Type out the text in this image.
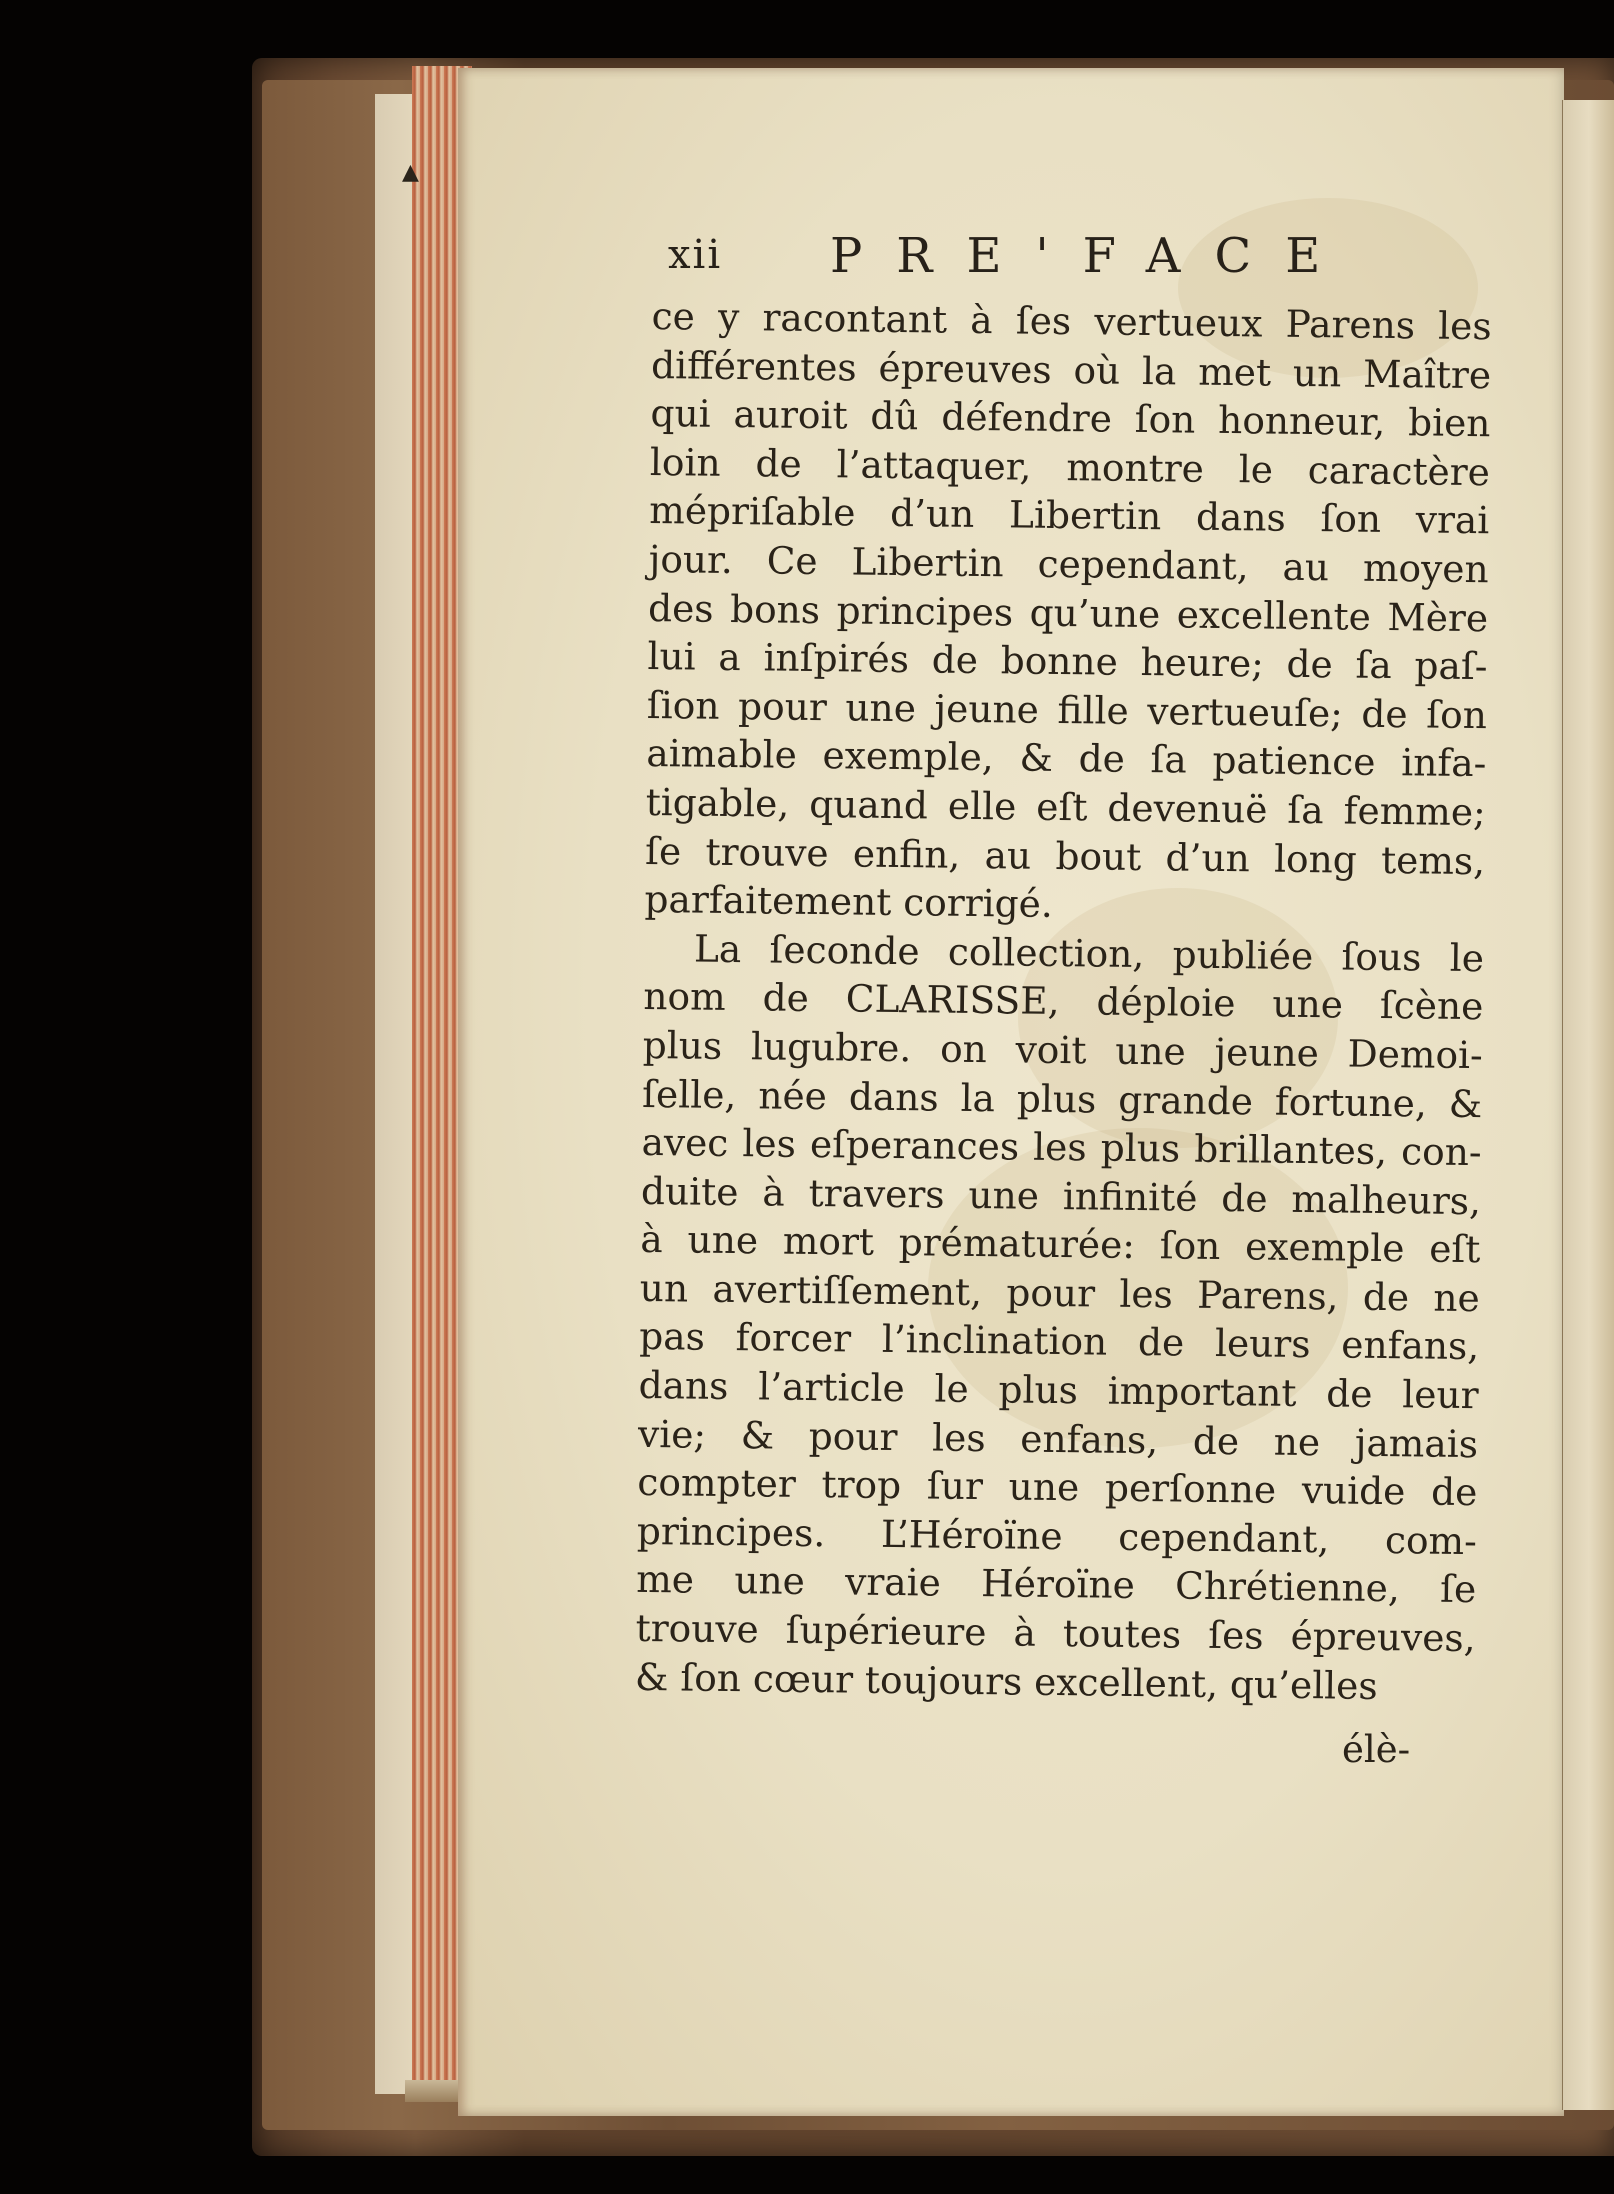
▲
xii PRE'FACE
ce y racontant à ſes vertueux Parens les
différentes épreuves où la met un Maître
qui auroit dû défendre ſon honneur, bien
loin de l’attaquer, montre le caractère
mépriſable d’un Libertin dans ſon vrai
jour. Ce Libertin cependant, au moyen
des bons principes qu’une excellente Mère
lui a inſpirés de bonne heure; de ſa paſ-
ſion pour une jeune fille vertueuſe; de ſon
aimable exemple, & de ſa patience infa-
tigable, quand elle eſt devenuë ſa femme;
ſe trouve enfin, au bout d’un long tems,
parfaitement corrigé.
La ſeconde collection, publiée ſous le
nom de CLARISSE, déploie une ſcène
plus lugubre. on voit une jeune Demoi-
ſelle, née dans la plus grande fortune, &
avec les eſperances les plus brillantes, con-
duite à travers une infinité de malheurs,
à une mort prématurée: ſon exemple eſt
un avertiſſement, pour les Parens, de ne
pas forcer l’inclination de leurs enfans,
dans l’article le plus important de leur
vie; & pour les enfans, de ne jamais
compter trop ſur une perſonne vuide de
principes. L’Héroïne cependant, com-
me une vraie Héroïne Chrétienne, ſe
trouve ſupérieure à toutes ſes épreuves,
& ſon cœur toujours excellent, qu’elles
élè-
